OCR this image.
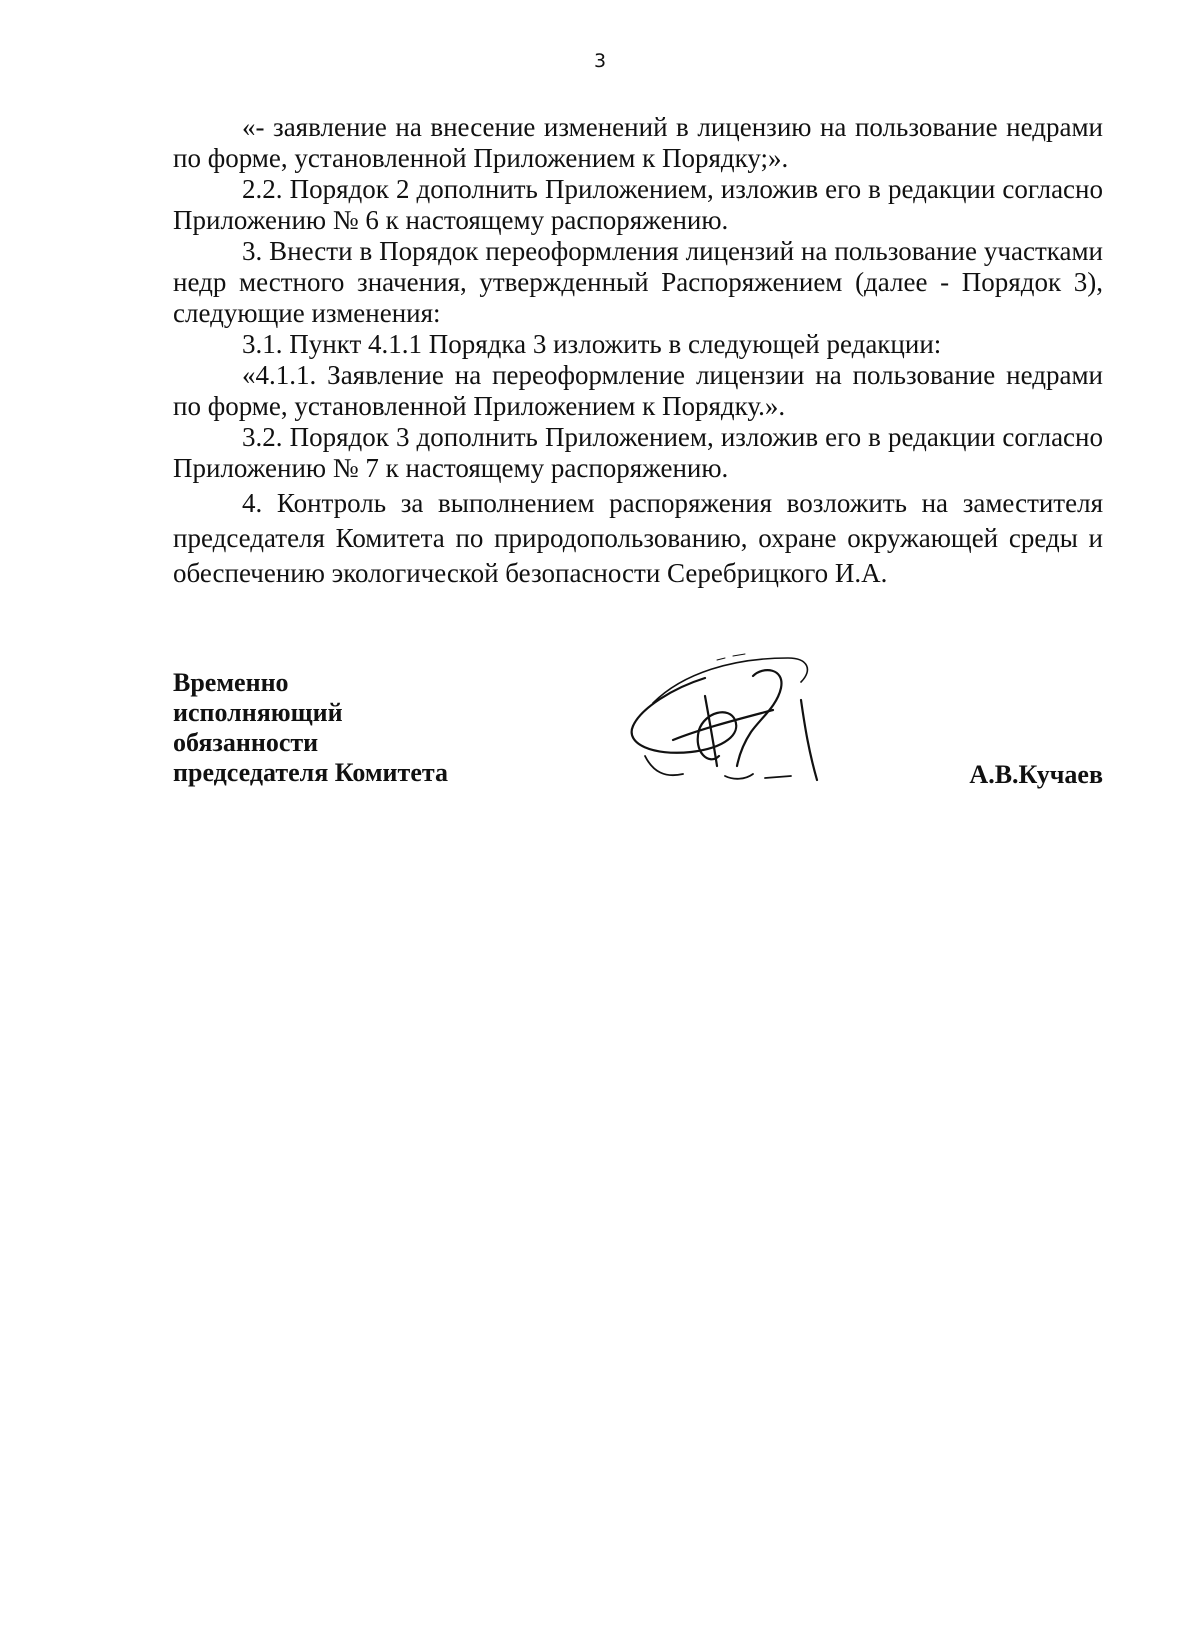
3

«- заявление на внесение изменений в лицензию на пользование недрами по форме, установленной Приложением к Порядку;».

2.2. Порядок 2 дополнить Приложением, изложив его в редакции согласно Приложению № 6 к настоящему распоряжению.

3. Внести в Порядок переоформления лицензий на пользование участками недр местного значения, утвержденный Распоряжением (далее - Порядок 3), следующие изменения:

3.1. Пункт 4.1.1 Порядка 3 изложить в следующей редакции:

«4.1.1. Заявление на переоформление лицензии на пользование недрами по форме, установленной Приложением к Порядку.».

3.2. Порядок 3 дополнить Приложением, изложив его в редакции согласно Приложению № 7 к настоящему распоряжению.

4. Контроль за выполнением распоряжения возложить на заместителя председателя Комитета по природопользованию, охране окружающей среды и обеспечению экологической безопасности Серебрицкого И.А.

Временно
исполняющий
обязанности
председателя Комитета	А.В.Кучаев
